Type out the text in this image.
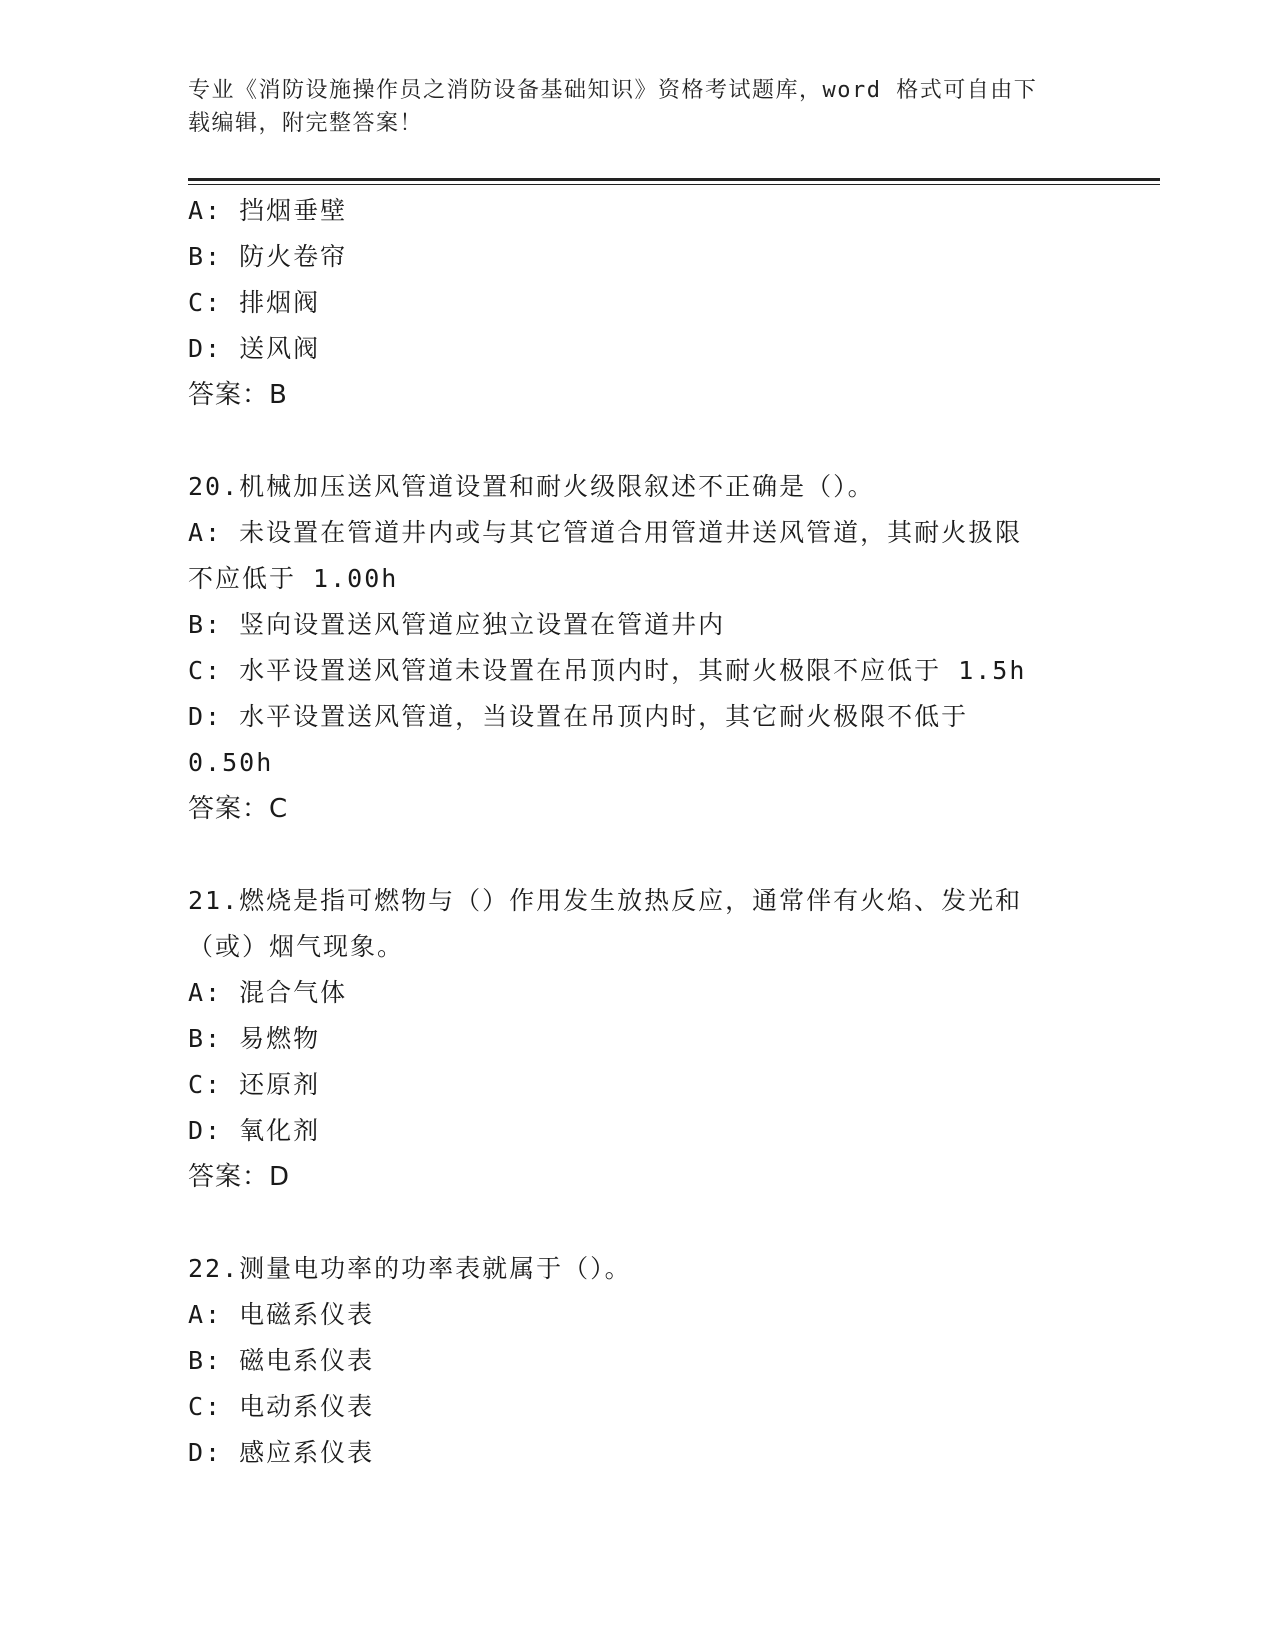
专业《消防设施操作员之消防设备基础知识》资格考试题库，word 格式可自由下
载编辑，附完整答案！
A: 挡烟垂壁
B: 防火卷帘
C: 排烟阀
D: 送风阀
答案：B
20.机械加压送风管道设置和耐火级限叙述不正确是（）。
A: 未设置在管道井内或与其它管道合用管道井送风管道，其耐火扱限
不应低于 1.00h
B: 竖向设置送风管道应独立设置在管道井内
C: 水平设置送风管道未设置在吊顶内时，其耐火极限不应低于 1.5h
D: 水平设置送风管道，当设置在吊顶内时，其它耐火极限不低于
0.50h
答案：C
21.燃烧是指可燃物与（）作用发生放热反应，通常伴有火焰、发光和
（或）烟气现象。
A: 混合气体
B: 易燃物
C: 还原剂
D: 氧化剂
答案：D
22.测量电功率的功率表就属于（）。
A: 电磁系仪表
B: 磁电系仪表
C: 电动系仪表
D: 感应系仪表
